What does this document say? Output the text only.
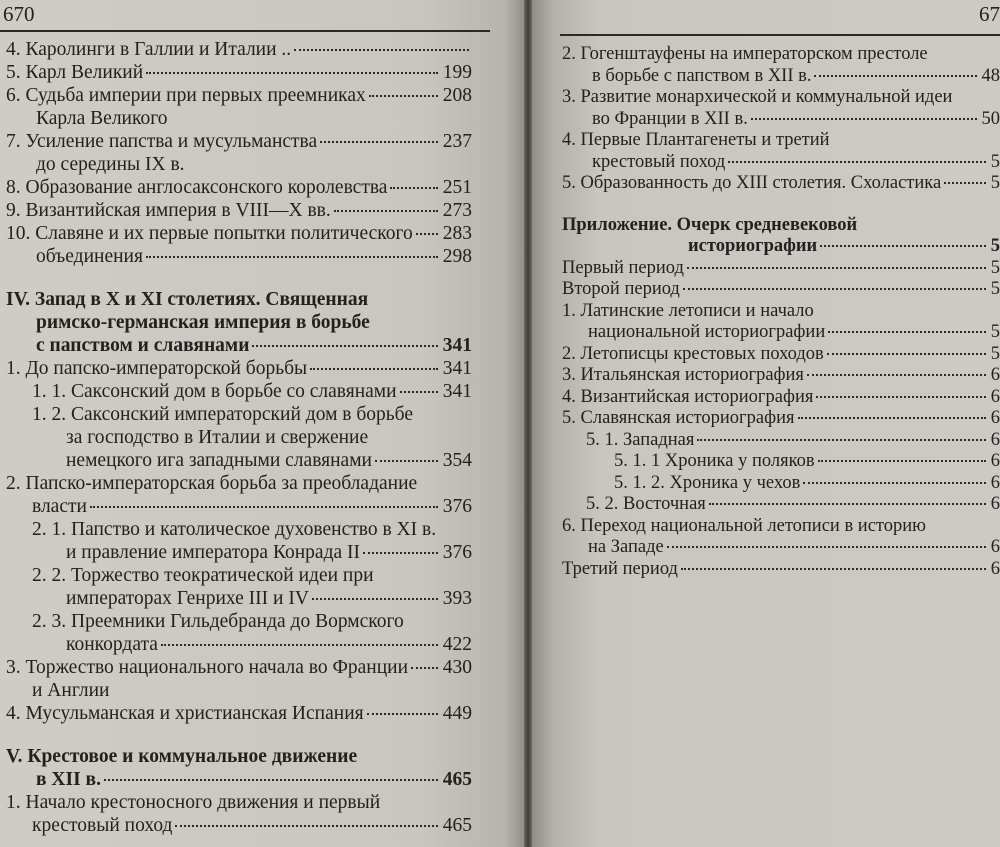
670	67
4. Каролинги в Галлии и Италии ..
5. Карл Великий	199
6. Судьба империи при первых преемниках	208
Карла Великого
7. Усиление папства и мусульманства	237
до середины IX в.
8. Образование англосаксонского королевства	251
9. Византийская империя в VIII—X вв.	273
10. Славяне и их первые попытки политического 283
объединения	298
IV. Запад в X и XI столетиях. Священная
римско-германская империя в борьбе
с папством и славянами	341
1. До папско-императорской борьбы	341
1. 1. Саксонский дом в борьбе со славянами 341
1. 2. Саксонский императорский дом в борьбе
за господство в Италии и свержение
немецкого ига западными славянами	354
2. Папско-императорская борьба за преобладание
власти	376
2. 1. Папство и католическое духовенство в XI в.
и правление императора Конрада II	376
2. 2. Торжество теократической идеи при
императорах Генрихе III и IV	393
2. 3. Преемники Гильдебранда до Вормского
конкордата	422
3. Торжество национального начала во Франции 430
и Англии
4. Мусульманская и христианская Испания	449
V. Крестовое и коммунальное движение
в XII в.	465
1. Начало крестоносного движения и первый
крестовый поход	465
2. Гогенштауфены на императорском престоле
в борьбе с папством в XII в.	48
3. Развитие монархической и коммунальной идеи
во Франции в XII в.	50
4. Первые Плантагенеты и третий
крестовый поход	5
5. Образованность до XIII столетия. Схоластика	5
Приложение. Очерк средневековой
историографии	5
Первый период	5
Второй период	5
1. Латинские летописи и начало
национальной историографии	5
2. Летописцы крестовых походов	5
3. Итальянская историография	6
4. Византийская историография	6
5. Славянская историография	6
5. 1. Западная	6
5. 1. 1 Хроника у поляков	6
5. 1. 2. Хроника у чехов	6
5. 2. Восточная	6
6. Переход национальной летописи в историю
на Западе	6
Третий период	6
